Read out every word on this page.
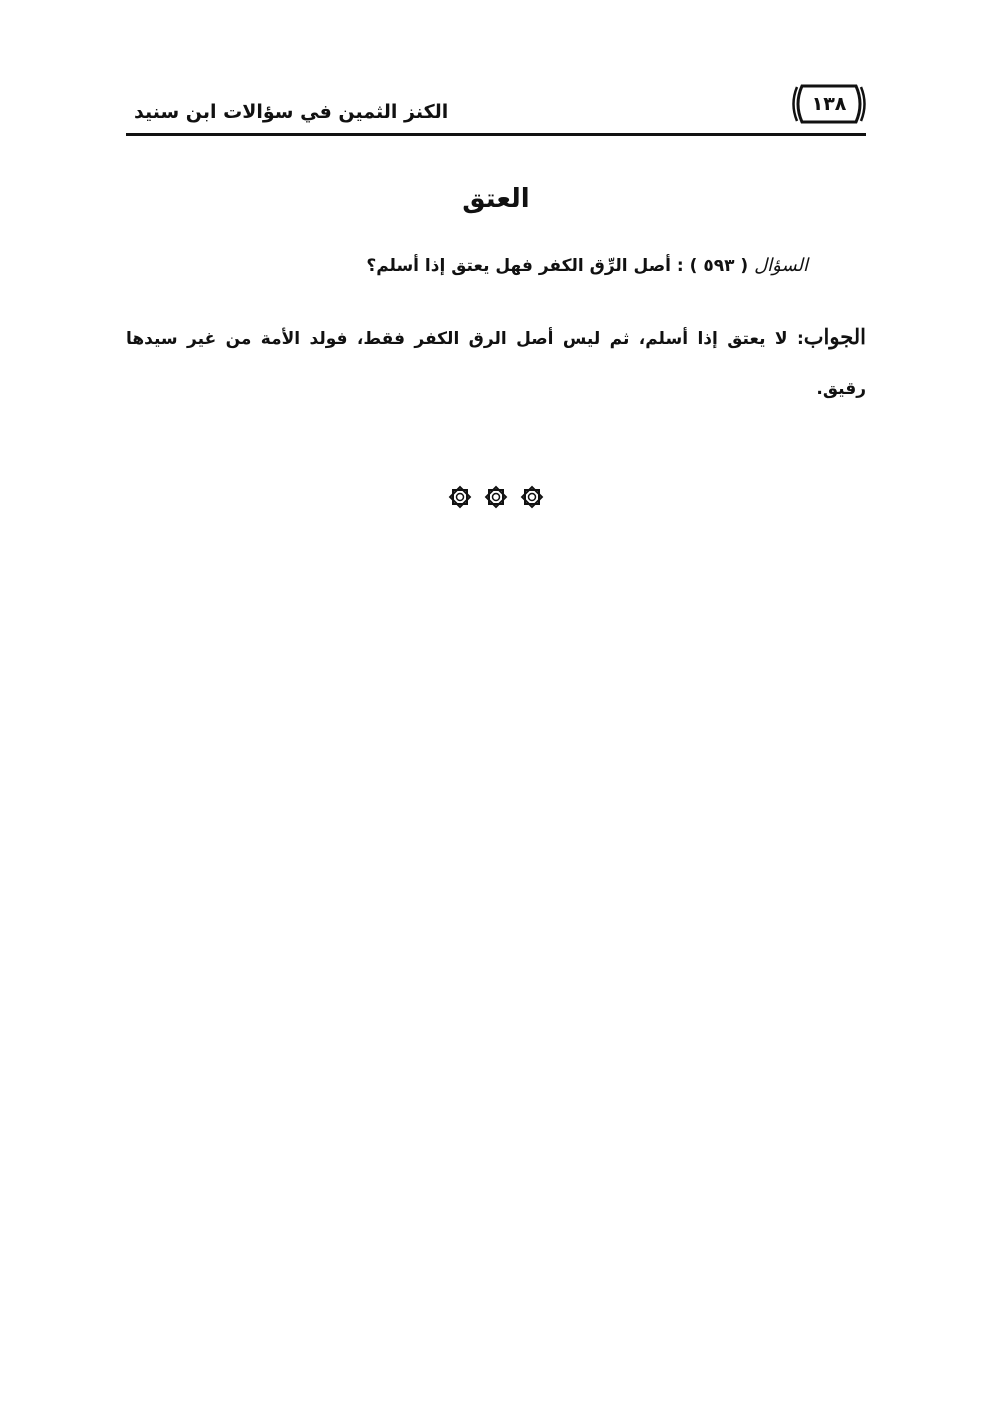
١٣٨
الكنز الثمين في سؤالات ابن سنيد
العتق
السؤال ( ٥٩٣ ) : أصل الرِّق الكفر فهل يعتق إذا أسلم؟
الجواب: لا يعتق إذا أسلم، ثم ليس أصل الرق الكفر فقط، فولد الأمة من غير سيدها رقيق.
